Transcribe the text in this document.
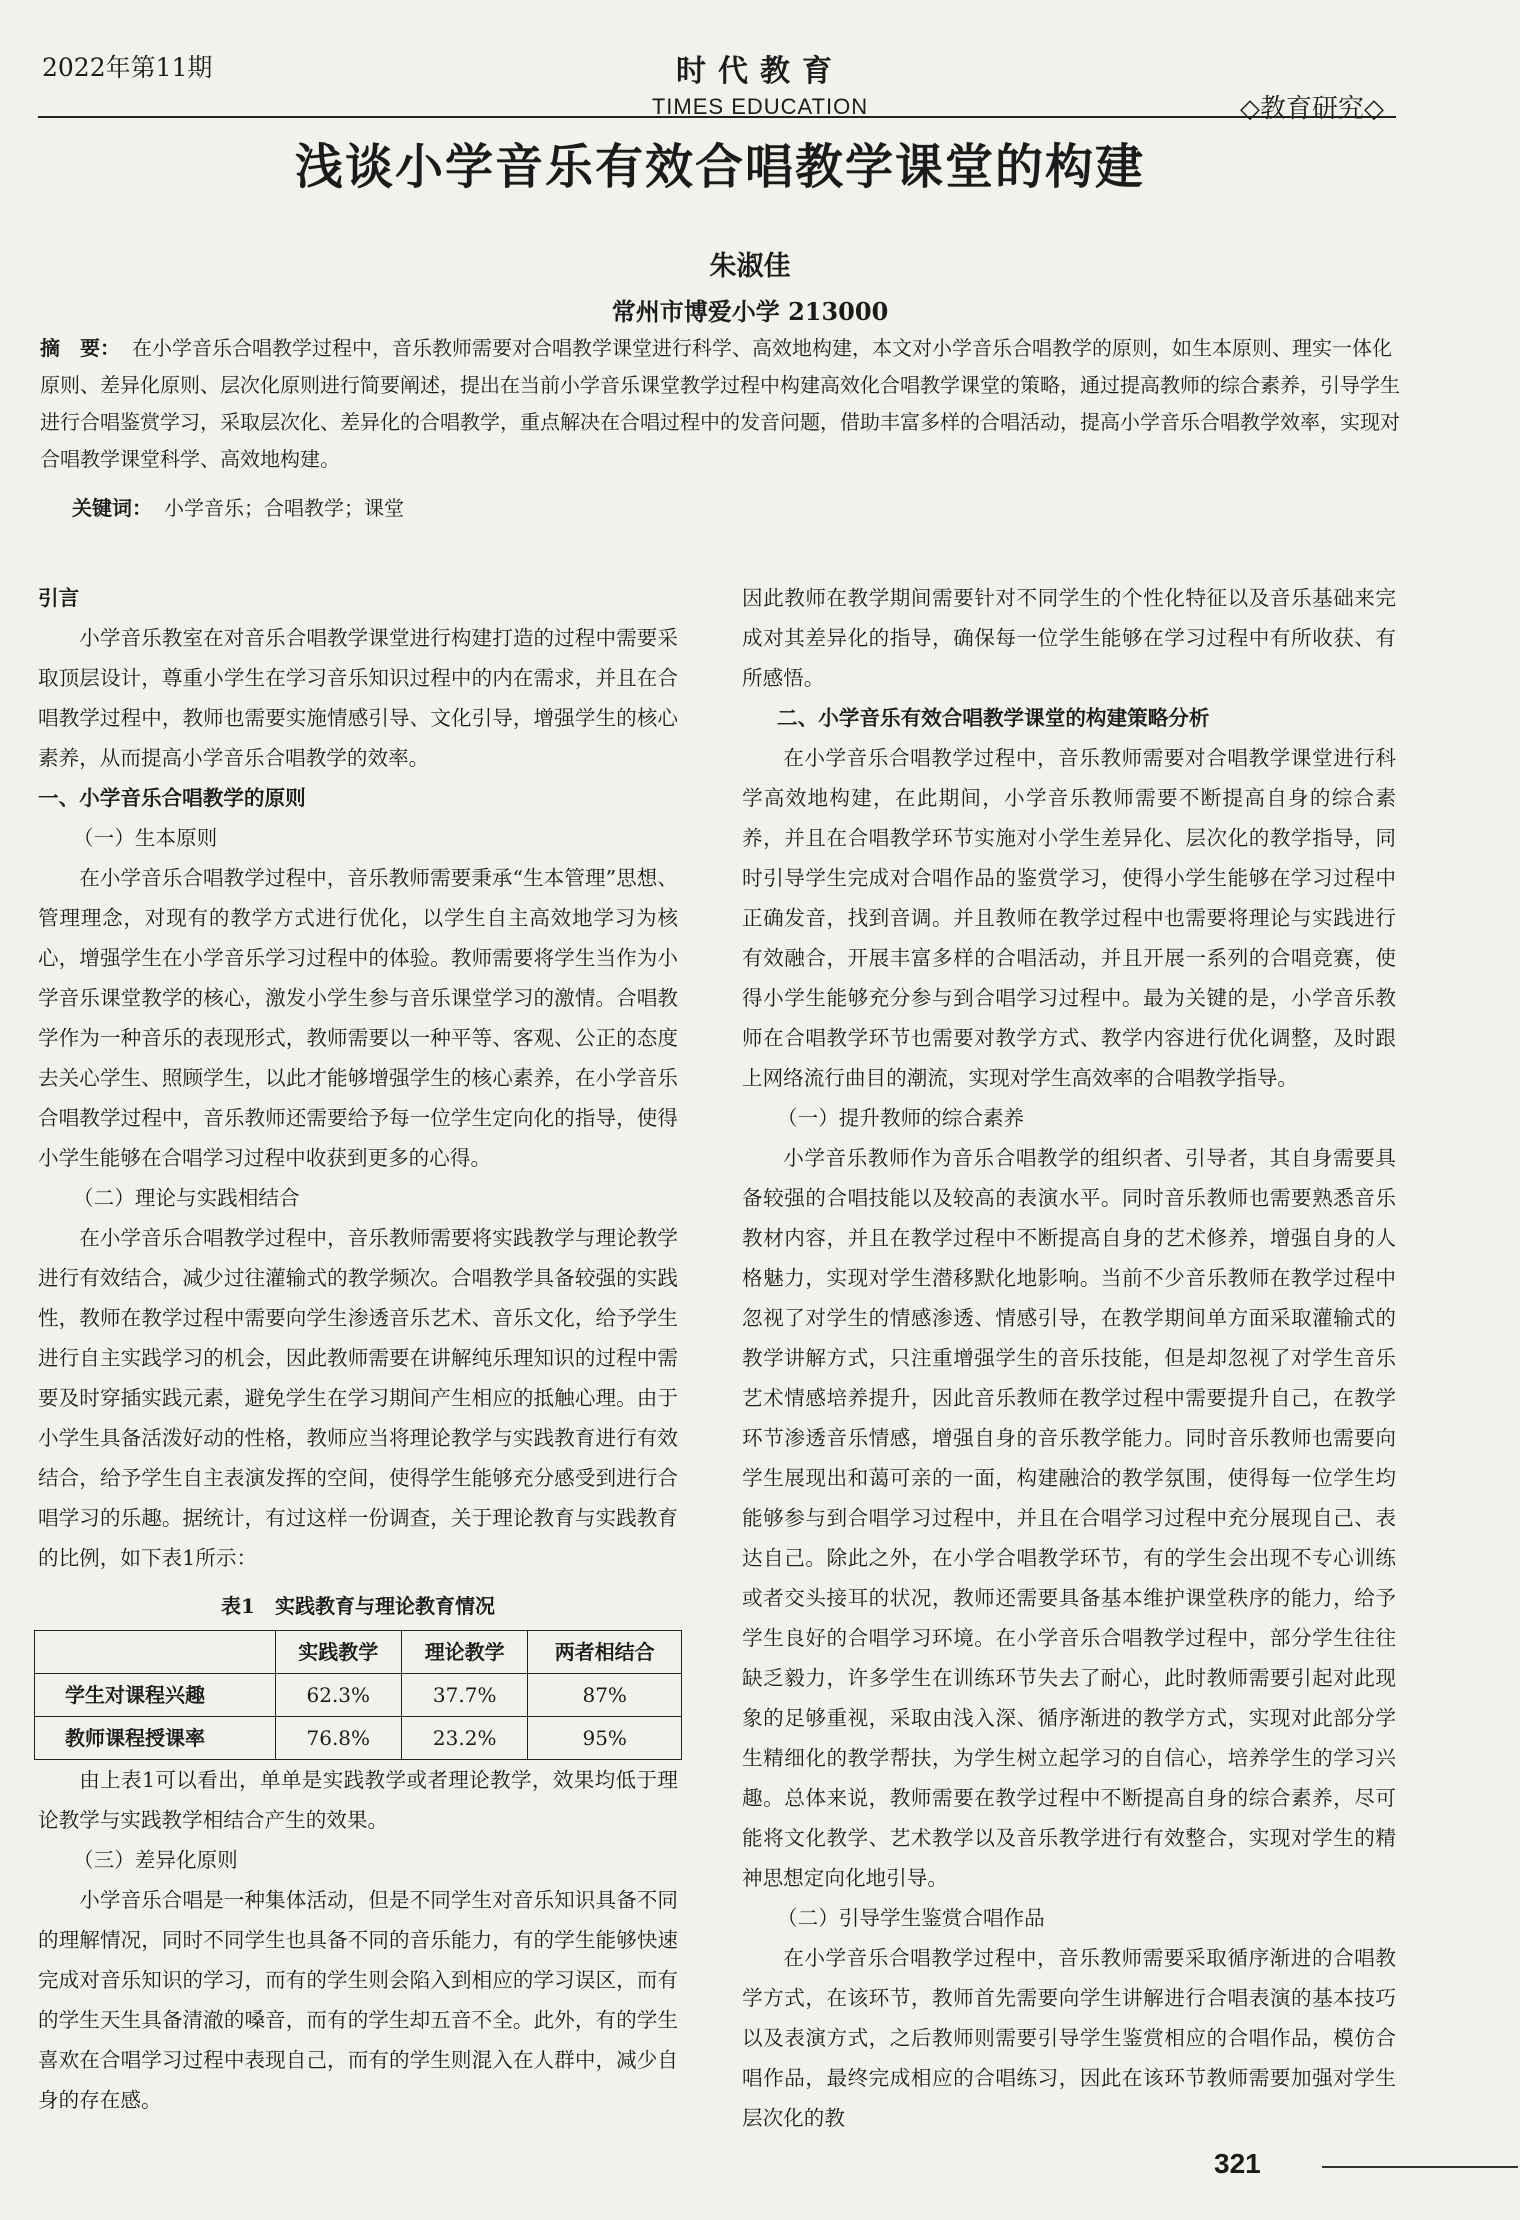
2022年第11期	时代教育
TIMES EDUCATION	◇教育研究◇
浅谈小学音乐有效合唱教学课堂的构建
朱淑佳
常州市博爱小学 213000
摘　要： 在小学音乐合唱教学过程中，音乐教师需要对合唱教学课堂进行科学、高效地构建，本文对小学音乐合唱教学的原则，如生本原则、理实一体化原则、差异化原则、层次化原则进行简要阐述，提出在当前小学音乐课堂教学过程中构建高效化合唱教学课堂的策略，通过提高教师的综合素养，引导学生进行合唱鉴赏学习，采取层次化、差异化的合唱教学，重点解决在合唱过程中的发音问题，借助丰富多样的合唱活动，提高小学音乐合唱教学效率，实现对合唱教学课堂科学、高效地构建。
关键词： 小学音乐；合唱教学；课堂
引言

小学音乐教室在对音乐合唱教学课堂进行构建打造的过程中需要采取顶层设计，尊重小学生在学习音乐知识过程中的内在需求，并且在合唱教学过程中，教师也需要实施情感引导、文化引导，增强学生的核心素养，从而提高小学音乐合唱教学的效率。

一、小学音乐合唱教学的原则
（一）生本原则

在小学音乐合唱教学过程中，音乐教师需要秉承“生本管理”思想、管理理念，对现有的教学方式进行优化，以学生自主高效地学习为核心，增强学生在小学音乐学习过程中的体验。教师需要将学生当作为小学音乐课堂教学的核心，激发小学生参与音乐课堂学习的激情。合唱教学作为一种音乐的表现形式，教师需要以一种平等、客观、公正的态度去关心学生、照顾学生，以此才能够增强学生的核心素养，在小学音乐合唱教学过程中，音乐教师还需要给予每一位学生定向化的指导，使得小学生能够在合唱学习过程中收获到更多的心得。

（二）理论与实践相结合

在小学音乐合唱教学过程中，音乐教师需要将实践教学与理论教学进行有效结合，减少过往灌输式的教学频次。合唱教学具备较强的实践性，教师在教学过程中需要向学生渗透音乐艺术、音乐文化，给予学生进行自主实践学习的机会，因此教师需要在讲解纯乐理知识的过程中需要及时穿插实践元素，避免学生在学习期间产生相应的抵触心理。由于小学生具备活泼好动的性格，教师应当将理论教学与实践教育进行有效结合，给予学生自主表演发挥的空间，使得学生能够充分感受到进行合唱学习的乐趣。据统计，有过这样一份调查，关于理论教育与实践教育的比例，如下表1所示：

表1　实践教育与理论教育情况
	实践教学	理论教学	两者相结合
学生对课程兴趣	62.3%	37.7%	87%
教师课程授课率	76.8%	23.2%	95%

由上表1可以看出，单单是实践教学或者理论教学，效果均低于理论教学与实践教学相结合产生的效果。

（三）差异化原则

小学音乐合唱是一种集体活动，但是不同学生对音乐知识具备不同的理解情况，同时不同学生也具备不同的音乐能力，有的学生能够快速完成对音乐知识的学习，而有的学生则会陷入到相应的学习误区，而有的学生天生具备清澈的嗓音，而有的学生却五音不全。此外，有的学生喜欢在合唱学习过程中表现自己，而有的学生则混入在人群中，减少自身的存在感。

因此教师在教学期间需要针对不同学生的个性化特征以及音乐基础来完成对其差异化的指导，确保每一位学生能够在学习过程中有所收获、有所感悟。

二、小学音乐有效合唱教学课堂的构建策略分析

在小学音乐合唱教学过程中，音乐教师需要对合唱教学课堂进行科学高效地构建，在此期间，小学音乐教师需要不断提高自身的综合素养，并且在合唱教学环节实施对小学生差异化、层次化的教学指导，同时引导学生完成对合唱作品的鉴赏学习，使得小学生能够在学习过程中正确发音，找到音调。并且教师在教学过程中也需要将理论与实践进行有效融合，开展丰富多样的合唱活动，并且开展一系列的合唱竞赛，使得小学生能够充分参与到合唱学习过程中。最为关键的是，小学音乐教师在合唱教学环节也需要对教学方式、教学内容进行优化调整，及时跟上网络流行曲目的潮流，实现对学生高效率的合唱教学指导。

（一）提升教师的综合素养

小学音乐教师作为音乐合唱教学的组织者、引导者，其自身需要具备较强的合唱技能以及较高的表演水平。同时音乐教师也需要熟悉音乐教材内容，并且在教学过程中不断提高自身的艺术修养，增强自身的人格魅力，实现对学生潜移默化地影响。当前不少音乐教师在教学过程中忽视了对学生的情感渗透、情感引导，在教学期间单方面采取灌输式的教学讲解方式，只注重增强学生的音乐技能，但是却忽视了对学生音乐艺术情感培养提升，因此音乐教师在教学过程中需要提升自己，在教学环节渗透音乐情感，增强自身的音乐教学能力。同时音乐教师也需要向学生展现出和蔼可亲的一面，构建融洽的教学氛围，使得每一位学生均能够参与到合唱学习过程中，并且在合唱学习过程中充分展现自己、表达自己。除此之外，在小学合唱教学环节，有的学生会出现不专心训练或者交头接耳的状况，教师还需要具备基本维护课堂秩序的能力，给予学生良好的合唱学习环境。在小学音乐合唱教学过程中，部分学生往往缺乏毅力，许多学生在训练环节失去了耐心，此时教师需要引起对此现象的足够重视，采取由浅入深、循序渐进的教学方式，实现对此部分学生精细化的教学帮扶，为学生树立起学习的自信心，培养学生的学习兴趣。总体来说，教师需要在教学过程中不断提高自身的综合素养，尽可能将文化教学、艺术教学以及音乐教学进行有效整合，实现对学生的精神思想定向化地引导。

（二）引导学生鉴赏合唱作品

在小学音乐合唱教学过程中，音乐教师需要采取循序渐进的合唱教学方式，在该环节，教师首先需要向学生讲解进行合唱表演的基本技巧以及表演方式，之后教师则需要引导学生鉴赏相应的合唱作品，模仿合唱作品，最终完成相应的合唱练习，因此在该环节教师需要加强对学生层次化的教

321
